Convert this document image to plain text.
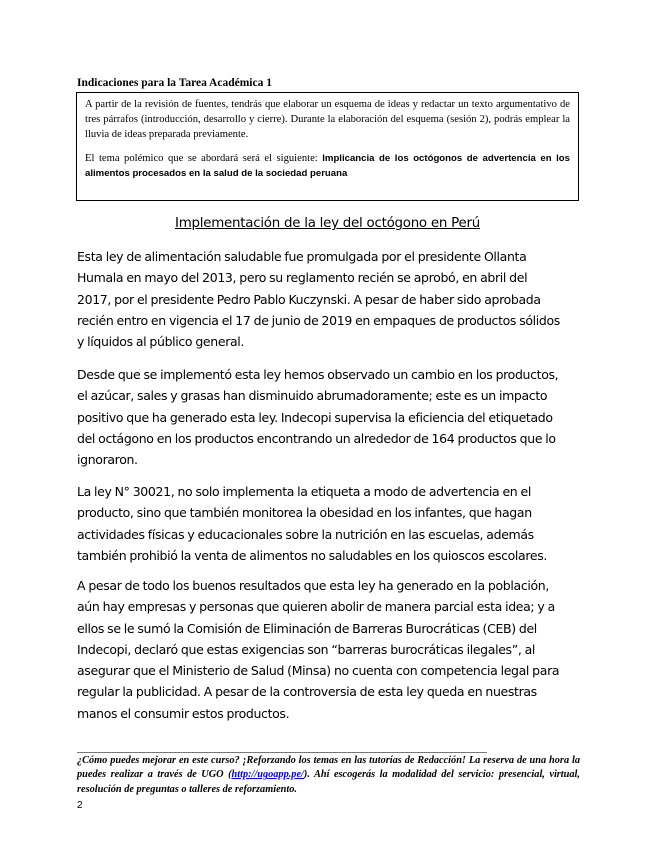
Indicaciones para la Tarea Académica 1

A partir de la revisión de fuentes, tendrás que elaborar un esquema de ideas y redactar un texto argumentativo de tres párrafos (introducción, desarrollo y cierre). Durante la elaboración del esquema (sesión 2), podrás emplear la lluvia de ideas preparada previamente.

El tema polémico que se abordará será el siguiente: Implicancia de los octógonos de advertencia en los alimentos procesados en la salud de la sociedad peruana

Implementación de la ley del octógono en Perú
Esta ley de alimentación saludable fue promulgada por el presidente Ollanta
Humala en mayo del 2013, pero su reglamento recién se aprobó, en abril del
2017, por el presidente Pedro Pablo Kuczynski. A pesar de haber sido aprobada
recién entro en vigencia el 17 de junio de 2019 en empaques de productos sólidos
y líquidos al público general.
Desde que se implementó esta ley hemos observado un cambio en los productos,
el azúcar, sales y grasas han disminuido abrumadoramente; este es un impacto
positivo que ha generado esta ley. Indecopi supervisa la eficiencia del etiquetado
del octágono en los productos encontrando un alrededor de 164 productos que lo
ignoraron.
La ley N° 30021, no solo implementa la etiqueta a modo de advertencia en el
producto, sino que también monitorea la obesidad en los infantes, que hagan
actividades físicas y educacionales sobre la nutrición en las escuelas, además
también prohibió la venta de alimentos no saludables en los quioscos escolares.
A pesar de todo los buenos resultados que esta ley ha generado en la población,
aún hay empresas y personas que quieren abolir de manera parcial esta idea; y a
ellos se le sumó la Comisión de Eliminación de Barreras Burocráticas (CEB) del
Indecopi, declaró que estas exigencias son “barreras burocráticas ilegales”, al
asegurar que el Ministerio de Salud (Minsa) no cuenta con competencia legal para
regular la publicidad. A pesar de la controversia de esta ley queda en nuestras
manos el consumir estos productos.
____________________________________________________________________________________________

¿Cómo puedes mejorar en este curso? ¡Reforzando los temas en las tutorías de Redacción! La reserva de una hora la puedes realizar a través de UGO (http://ugoapp.pe/). Ahí escogerás la modalidad del servicio: presencial, virtual, resolución de preguntas o talleres de reforzamiento.

2
